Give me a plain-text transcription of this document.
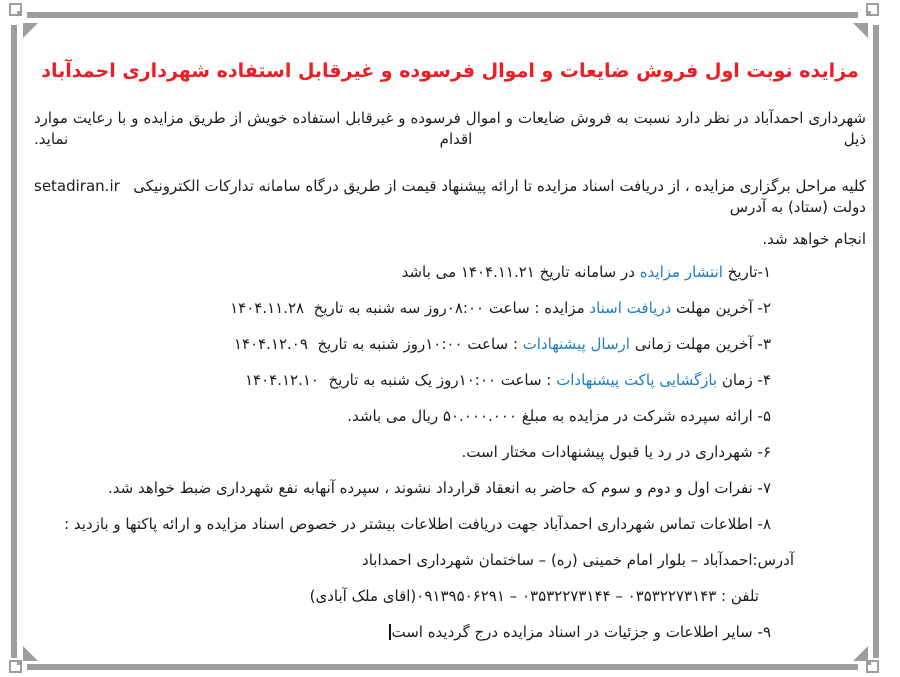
مزایده نوبت اول فروش ضایعات و اموال فرسوده و غیرقابل استفاده شهرداری احمدآباد
شهرداری احمدآباد در نظر دارد نسبت به فروش ضایعات و اموال فرسوده و غیرقابل استفاده خویش از طریق مزایده و با رعایت موارد ذیل اقدام نماید.
کلیه مراحل برگزاری مزایده ، از دریافت اسناد مزایده تا ارائه پیشنهاد قیمت از طریق درگاه سامانه تدارکات الکترونیکی دولت (ستاد) به آدرس
setadiran.ir
انجام خواهد شد.
۱-تاریخ انتشار مزایده در سامانه تاریخ ۱۴۰۴.۱۱.۲۱ می باشد
۲- آخرین مهلت دریافت اسناد مزایده : ساعت ۰۸:۰۰روز سه شنبه به تاریخ  ۱۴۰۴.۱۱.۲۸
۳- آخرین مهلت زمانی ارسال پیشنهادات : ساعت ۱۰:۰۰روز شنبه به تاریخ  ۱۴۰۴.۱۲.۰۹
۴- زمان بازگشایی پاکت پیشنهادات : ساعت ۱۰:۰۰روز یک شنبه به تاریخ  ۱۴۰۴.۱۲.۱۰
۵- ارائه سپرده شرکت در مزایده به مبلغ ۵۰.۰۰۰.۰۰۰ ریال می باشد.
۶- شهرداری در رد یا قبول پیشنهادات مختار است.
۷- نفرات اول و دوم و سوم که حاضر به انعقاد قرارداد نشوند ، سپرده آنهابه نفع شهرداری ضبط خواهد شد.
۸- اطلاعات تماس شهرداری احمدآباد جهت دریافت اطلاعات بیشتر در خصوص اسناد مزایده و ارائه پاکتها و بازدید :
آدرس:احمدآباد – بلوار امام خمینی (ره) – ساختمان شهرداری احمداباد
تلفن : ۰۳۵۳۲۲۷۳۱۴۳ – ۰۳۵۳۲۲۷۳۱۴۴ – ۰۹۱۳۹۵۰۶۲۹۱(اقای ملک آبادی)
۹- سایر اطلاعات و جزئیات در اسناد مزایده درج گردیده است
